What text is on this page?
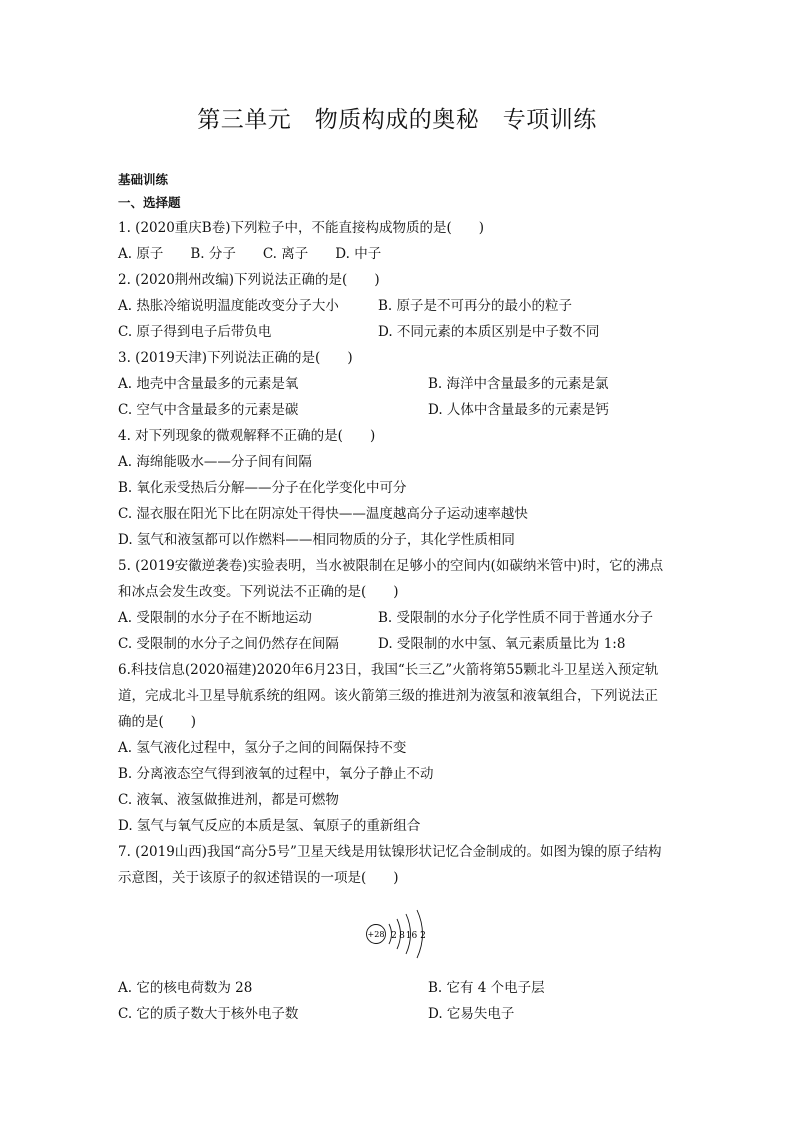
第三单元　物质构成的奥秘　专项训练
基础训练
一、选择题
1. (2020重庆B卷)下列粒子中，不能直接构成物质的是(　　)
A. 原子　　B. 分子　　C. 离子　　D. 中子
2. (2020荆州改编)下列说法正确的是(　　)
A. 热胀冷缩说明温度能改变分子大小	B. 原子是不可再分的最小的粒子
C. 原子得到电子后带负电	D. 不同元素的本质区别是中子数不同
3. (2019天津)下列说法正确的是(　　)
A. 地壳中含量最多的元素是氧	B. 海洋中含量最多的元素是氯
C. 空气中含量最多的元素是碳	D. 人体中含量最多的元素是钙
4. 对下列现象的微观解释不正确的是(　　)
A. 海绵能吸水——分子间有间隔
B. 氧化汞受热后分解——分子在化学变化中可分
C. 湿衣服在阳光下比在阴凉处干得快——温度越高分子运动速率越快
D. 氢气和液氢都可以作燃料——相同物质的分子，其化学性质相同
5. (2019安徽逆袭卷)实验表明，当水被限制在足够小的空间内(如碳纳米管中)时，它的沸点
和冰点会发生改变。下列说法不正确的是(　　)
A. 受限制的水分子在不断地运动	B. 受限制的水分子化学性质不同于普通水分子
C. 受限制的水分子之间仍然存在间隔	D. 受限制的水中氢、氧元素质量比为 1:8
6.科技信息(2020福建)2020年6月23日，我国“长三乙”火箭将第55颗北斗卫星送入预定轨
道，完成北斗卫星导航系统的组网。该火箭第三级的推进剂为液氢和液氧组合，下列说法正
确的是(　　)
A. 氢气液化过程中，氢分子之间的间隔保持不变
B. 分离液态空气得到液氧的过程中，氧分子静止不动
C. 液氧、液氢做推进剂，都是可燃物
D. 氢气与氧气反应的本质是氢、氧原子的重新组合
7. (2019山西)我国“高分5号”卫星天线是用钛镍形状记忆合金制成的。如图为镍的原子结构
示意图，关于该原子的叙述错误的一项是(　　)
+28 2 8 16 2
A. 它的核电荷数为 28	B. 它有 4 个电子层
C. 它的质子数大于核外电子数	D. 它易失电子
